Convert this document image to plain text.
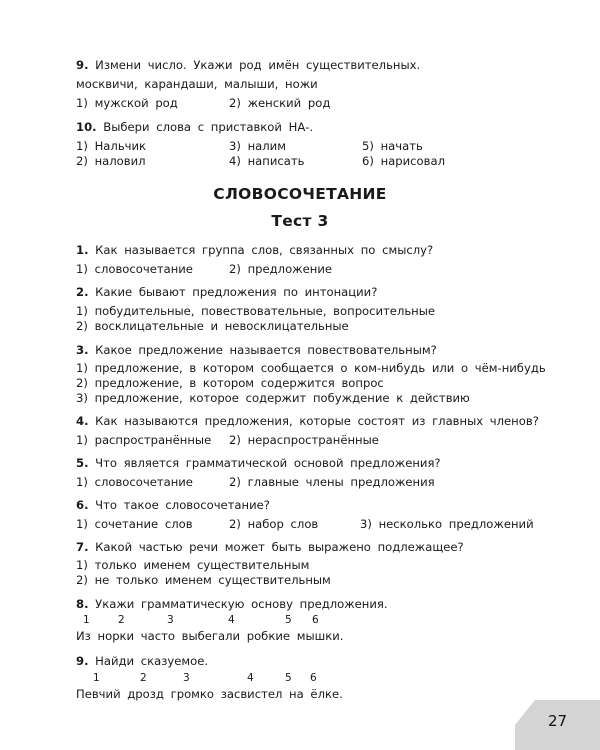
9. Измени число. Укажи род имён существительных.
москвичи, карандаши, малыши, ножи
1) мужской род	2) женский род
10. Выбери слова с приставкой НА-.
1) Нальчик	3) налим	5) начать
2) наловил	4) написать	6) нарисовал
СЛОВОСОЧЕТАНИЕ
Тест 3
1. Как называется группа слов, связанных по смыслу?
1) словосочетание	2) предложение
2. Какие бывают предложения по интонации?
1) побудительные, повествовательные, вопросительные
2) восклицательные и невосклицательные
3. Какое предложение называется повествовательным?
1) предложение, в котором сообщается о ком-нибудь или о чём-нибудь
2) предложение, в котором содержится вопрос
3) предложение, которое содержит побуждение к действию
4. Как называются предложения, которые состоят из главных членов?
1) распространённые 2) нераспространённые
5. Что является грамматической основой предложения?
1) словосочетание	2) главные члены предложения
6. Что такое словосочетание?
1) сочетание слов	2) набор слов	3) несколько предложений
7. Какой частью речи может быть выражено подлежащее?
1) только именем существительным
2) не только именем существительным
8. Укажи грамматическую основу предложения.
1	2	3	4	5 6
Из норки часто выбегали робкие мышки.
9. Найди сказуемое.
1	2	3	4	5 6
Певчий дрозд громко засвистел на ёлке.
27
